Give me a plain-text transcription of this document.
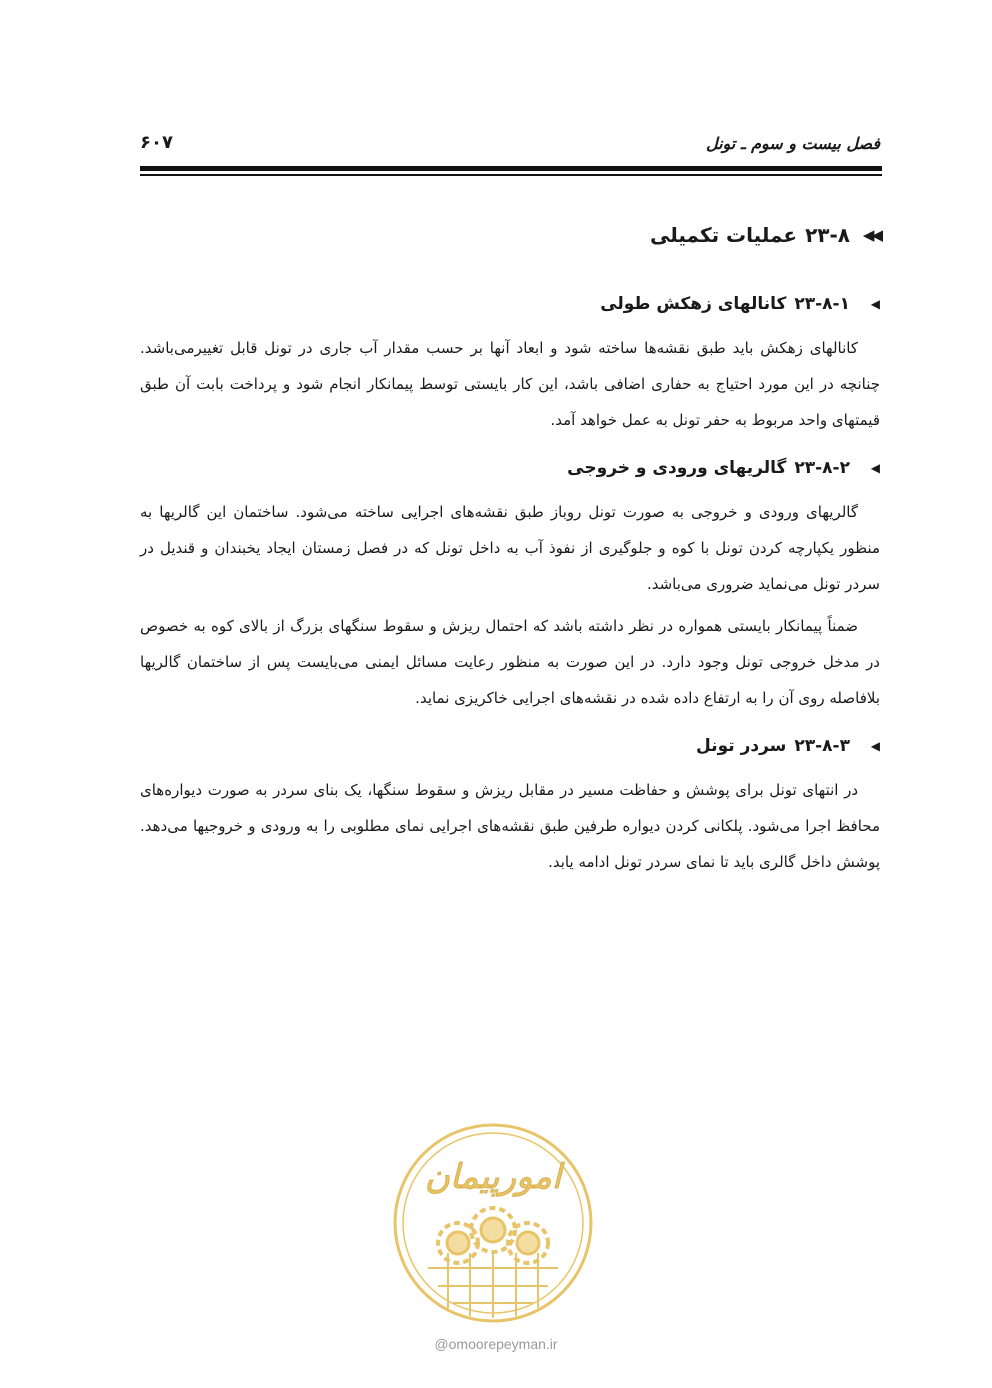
فصل بیست و سوم ـ تونل
۶۰۷
◀◀
۲۳-۸
عملیات تکمیلی
◀
۲۳-۸-۱
کانالهای زهکش طولی

کانالهای زهکش باید طبق نقشه‌ها ساخته شود و ابعاد آنها بر حسب مقدار آب جاری در تونل قابل تغییرمی‌باشد. چنانچه در این مورد احتیاج به حفاری اضافی باشد، این کار بایستی توسط پیمانکار انجام شود و پرداخت بابت آن طبق قیمتهای واحد مربوط به حفر تونل به عمل خواهد آمد.

◀
۲۳-۸-۲
گالریهای ورودی و خروجی

گالریهای ورودی و خروجی به صورت تونل روباز طبق نقشه‌های اجرایی ساخته می‌شود. ساختمان این گالریها به منظور یکپارچه کردن تونل با کوه و جلوگیری از نفوذ آب به داخل تونل که در فصل زمستان ایجاد یخبندان و قندیل در سردر تونل می‌نماید ضروری می‌باشد.

ضمناً پیمانکار بایستی همواره در نظر داشته باشد که احتمال ریزش و سقوط سنگهای بزرگ از بالای کوه به خصوص در مدخل خروجی تونل وجود دارد. در این صورت به منظور رعایت مسائل ایمنی می‌بایست پس از ساختمان گالریها بلافاصله روی آن را به ارتفاع داده شده در نقشه‌های اجرایی خاکریزی نماید.

◀
۲۳-۸-۳
سردر تونل

در انتهای تونل برای پوشش و حفاظت مسیر در مقابل ریزش و سقوط سنگها، یک بنای سردر به صورت دیواره‌های محافظ اجرا می‌شود. پلکانی کردن دیواره طرفین طبق نقشه‌های اجرایی نمای مطلوبی را به ورودی و خروجیها می‌دهد. پوشش داخل گالری باید تا نمای سردر تونل ادامه یابد.

امورپیمان
@omoorepeyman.ir
